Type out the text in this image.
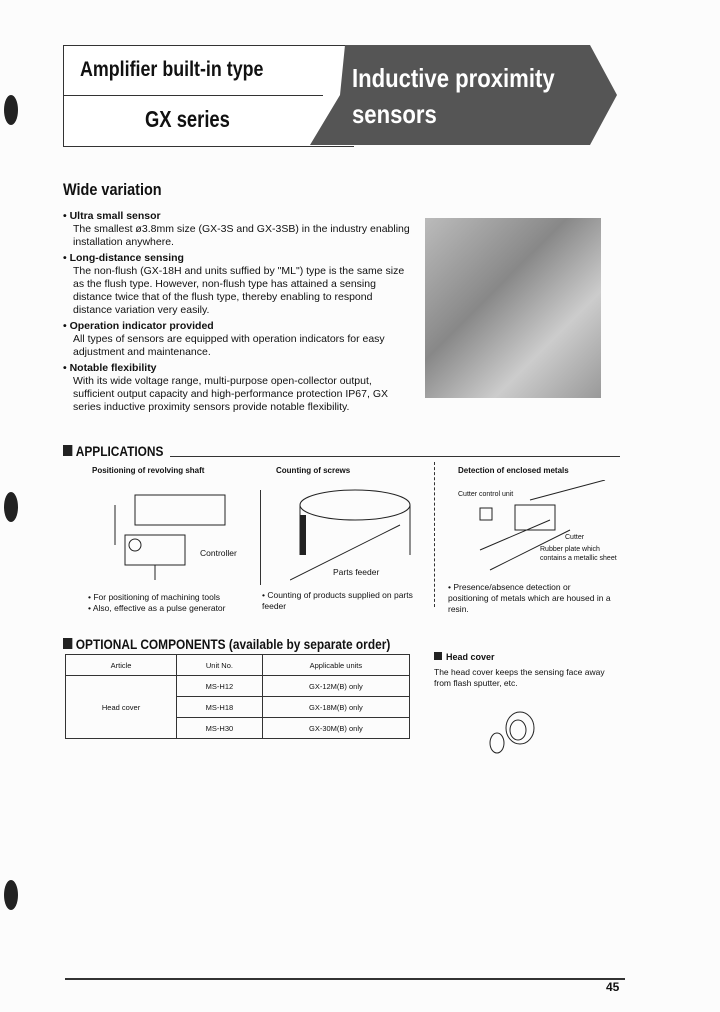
Amplifier built-in type
GX series
Inductive proximity sensors
Wide variation
• Ultra small sensor

The smallest ø3.8mm size (GX-3S and GX-3SB) in the industry enabling installation anywhere.

• Long-distance sensing

The non-flush (GX-18H and units suffied by "ML") type is the same size as the flush type. However, non-flush type has attained a sensing distance twice that of the flush type, thereby enabling to respond distance variation very easily.

• Operation indicator provided

All types of sensors are equipped with operation indicators for easy adjustment and maintenance.

• Notable flexibility

With its wide voltage range, multi-purpose open-collector output, sufficient output capacity and high-performance protection IP67, GX series inductive proximity sensors provide notable flexibility.

APPLICATIONS
Positioning of revolving shaft	Counting of screws	Detection of enclosed metals
Controller
Parts feeder
Cutter control unit
Cutter
Rubber plate which contains a metallic sheet
• For positioning of machining tools
• Also, effective as a pulse generator
• Counting of products supplied on parts feeder
• Presence/absence detection or positioning of metals which are housed in a resin.
OPTIONAL COMPONENTS (available by separate order)
Article	Unit No.	Applicable units
Head cover	MS-H12	GX-12M(B) only
	MS-H18	GX-18M(B) only
	MS-H30	GX-30M(B) only
Head cover
The head cover keeps the sensing face away from flash sputter, etc.
45
